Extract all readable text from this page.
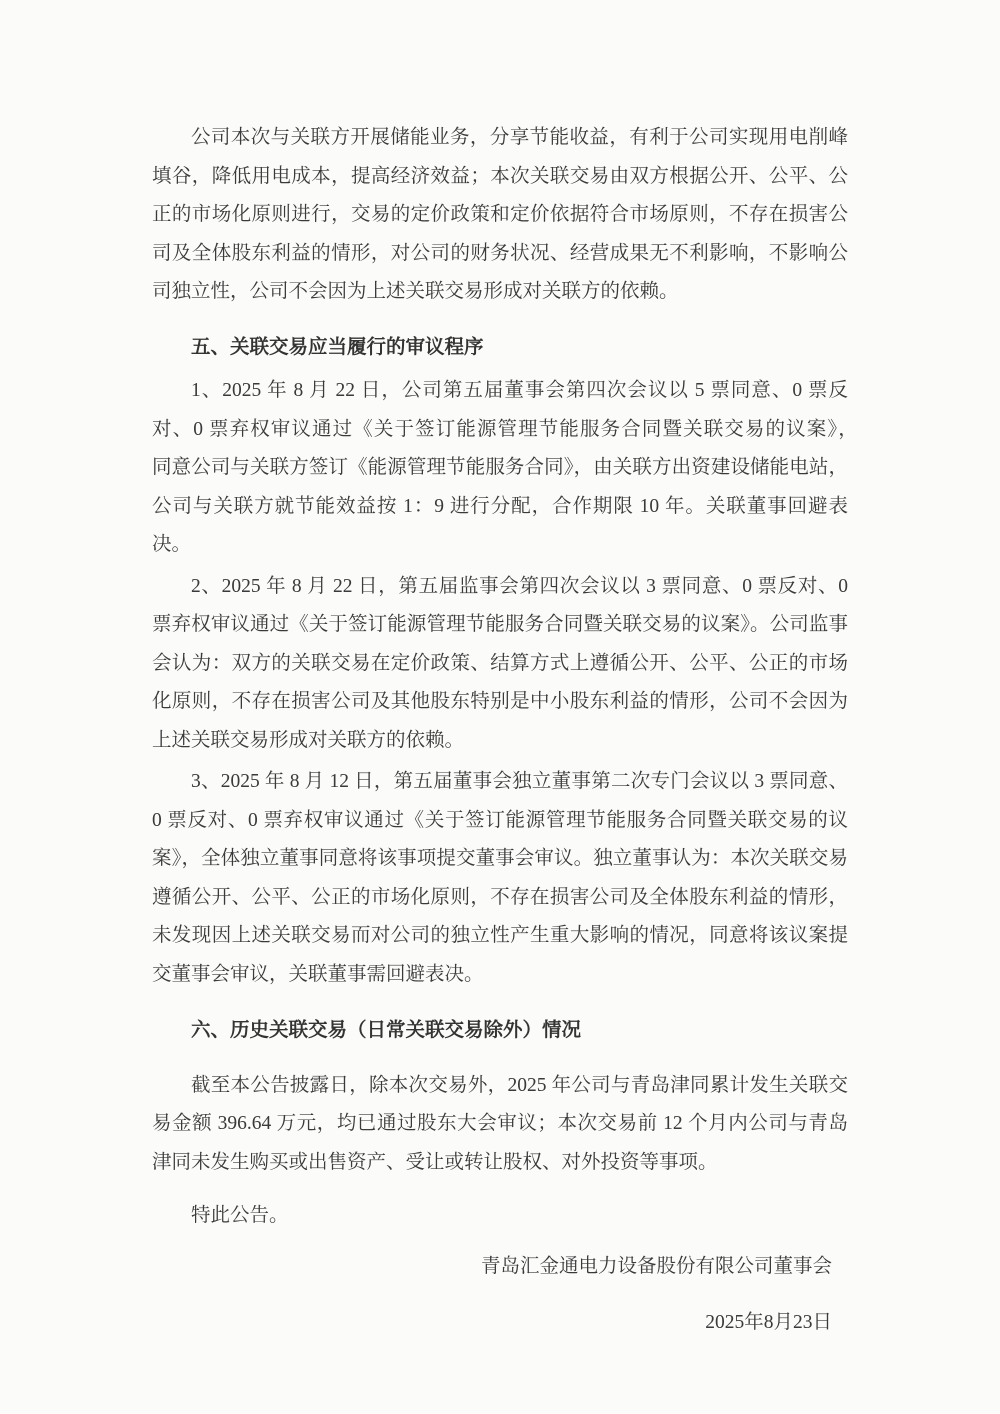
公司本次与关联方开展储能业务，分享节能收益，有利于公司实现用电削峰填谷，降低用电成本，提高经济效益；本次关联交易由双方根据公开、公平、公正的市场化原则进行，交易的定价政策和定价依据符合市场原则，不存在损害公司及全体股东利益的情形，对公司的财务状况、经营成果无不利影响，不影响公司独立性，公司不会因为上述关联交易形成对关联方的依赖。

五、关联交易应当履行的审议程序

1、2025 年 8 月 22 日，公司第五届董事会第四次会议以 5 票同意、0 票反对、0 票弃权审议通过《关于签订能源管理节能服务合同暨关联交易的议案》，　同意公司与关联方签订《能源管理节能服务合同》，由关联方出资建设储能电站，公司与关联方就节能效益按 1：9 进行分配，合作期限 10 年。关联董事回避表决。

2、2025 年 8 月 22 日，第五届监事会第四次会议以 3 票同意、0 票反对、0 票弃权审议通过《关于签订能源管理节能服务合同暨关联交易的议案》。公司监事会认为：双方的关联交易在定价政策、结算方式上遵循公开、公平、公正的市场化原则，不存在损害公司及其他股东特别是中小股东利益的情形，公司不会因为上述关联交易形成对关联方的依赖。

3、2025 年 8 月 12 日，第五届董事会独立董事第二次专门会议以 3 票同意、0 票反对、0 票弃权审议通过《关于签订能源管理节能服务合同暨关联交易的议案》，全体独立董事同意将该事项提交董事会审议。独立董事认为：本次关联交易遵循公开、公平、公正的市场化原则，不存在损害公司及全体股东利益的情形，未发现因上述关联交易而对公司的独立性产生重大影响的情况，同意将该议案提交董事会审议，关联董事需回避表决。

六、历史关联交易（日常关联交易除外）情况

截至本公告披露日，除本次交易外，2025 年公司与青岛津同累计发生关联交易金额 396.64 万元，均已通过股东大会审议；本次交易前 12 个月内公司与青岛津同未发生购买或出售资产、受让或转让股权、对外投资等事项。

特此公告。

青岛汇金通电力设备股份有限公司董事会

2025年8月23日
